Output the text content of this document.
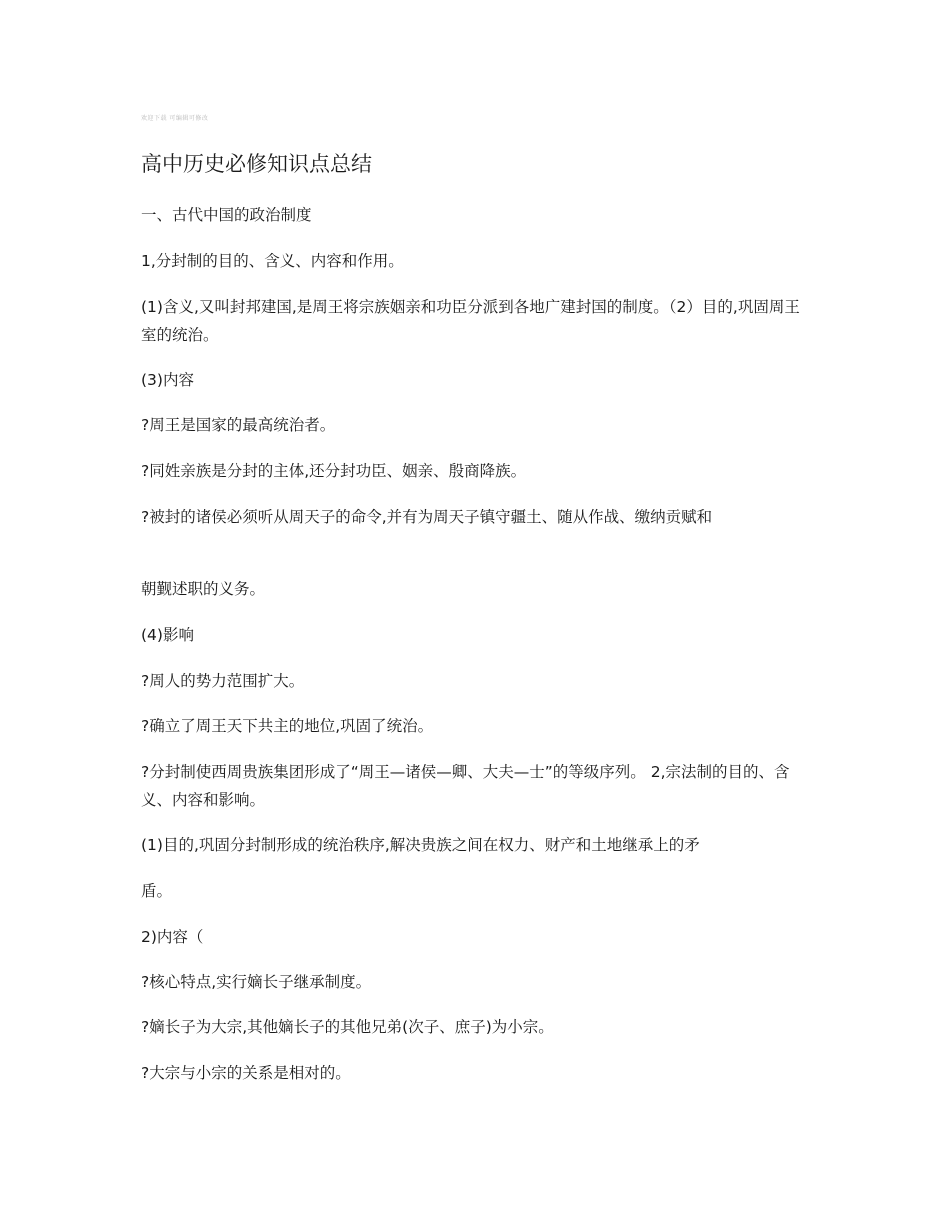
欢迎下载 可编辑可修改
高中历史必修知识点总结
一、古代中国的政治制度
1,分封制的目的、含义、内容和作用。
(1)含义,又叫封邦建国,是周王将宗族姻亲和功臣分派到各地广建封国的制度。（2）目的,巩固周王室的统治。
(3)内容
?周王是国家的最高统治者。
?同姓亲族是分封的主体,还分封功臣、姻亲、殷商降族。
?被封的诸侯必须听从周天子的命令,并有为周天子镇守疆土、随从作战、缴纳贡赋和
朝觐述职的义务。
(4)影响
?周人的势力范围扩大。
?确立了周王天下共主的地位,巩固了统治。
?分封制使西周贵族集团形成了“周王—诸侯—卿、大夫—士”的等级序列。 2,宗法制的目的、含义、内容和影响。
(1)目的,巩固分封制形成的统治秩序,解决贵族之间在权力、财产和土地继承上的矛
盾。
2)内容（
?核心特点,实行嫡长子继承制度。
?嫡长子为大宗,其他嫡长子的其他兄弟(次子、庶子)为小宗。
?大宗与小宗的关系是相对的。
